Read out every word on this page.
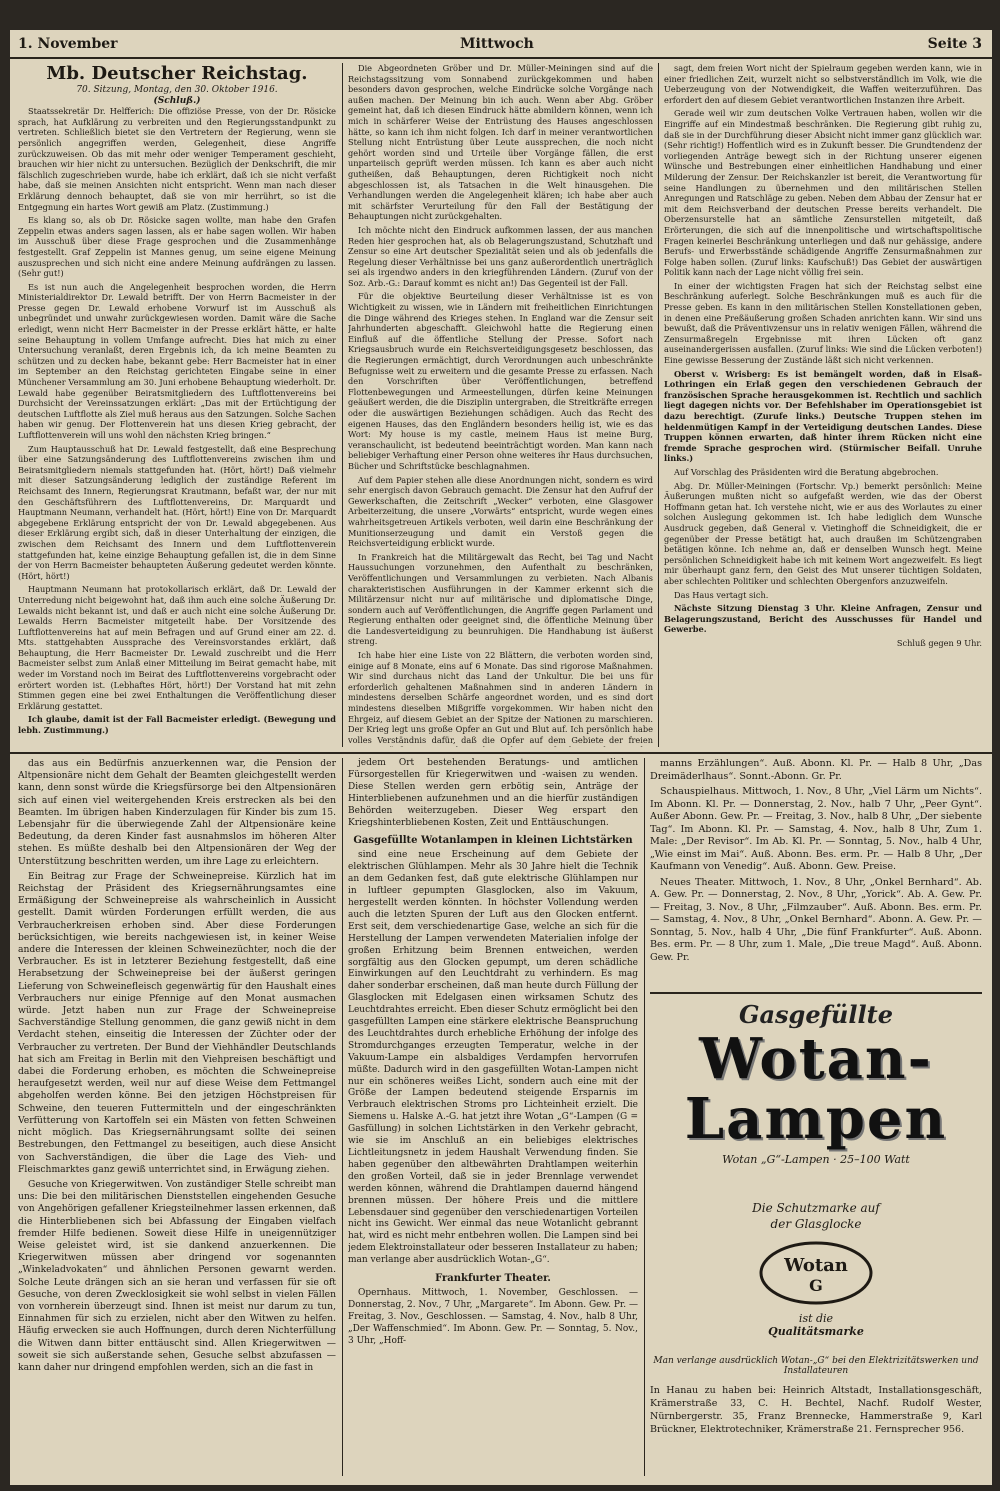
1. November	Mittwoch	Seite 3
Mb. Deutscher Reichstag.
70. Sitzung, Montag, den 30. Oktober 1916.
(Schluß.)

Staatssekretär Dr. Helfferich: Die offiziöse Presse, von der Dr. Rösicke sprach, hat Aufklärung zu verbreiten und den Regierungsstandpunkt zu vertreten. Schließlich bietet sie den Vertretern der Regierung, wenn sie persönlich angegriffen werden, Gelegenheit, diese Angriffe zurückzuweisen. Ob das mit mehr oder weniger Temperament geschieht, brauchen wir hier nicht zu untersuchen. Bezüglich der Denkschrift, die mir fälschlich zugeschrieben wurde, habe ich erklärt, daß ich sie nicht verfaßt habe, daß sie meinen Ansichten nicht entspricht. Wenn man nach dieser Erklärung dennoch behauptet, daß sie von mir herrührt, so ist die Entgegnung ein hartes Wort gewiß am Platz. (Zustimmung.)

Es klang so, als ob Dr. Rösicke sagen wollte, man habe den Grafen Zeppelin etwas anders sagen lassen, als er habe sagen wollen. Wir haben im Ausschuß über diese Frage gesprochen und die Zusammenhänge festgestellt. Graf Zeppelin ist Mannes genug, um seine eigene Meinung auszusprechen und sich nicht eine andere Meinung aufdrängen zu lassen. (Sehr gut!)

Es ist nun auch die Angelegenheit besprochen worden, die Herrn Ministerialdirektor Dr. Lewald betrifft. Der von Herrn Bacmeister in der Presse gegen Dr. Lewald erhobene Vorwurf ist im Ausschuß als unbegründet und unwahr zurückgewiesen worden. Damit wäre die Sache erledigt, wenn nicht Herr Bacmeister in der Presse erklärt hätte, er halte seine Behauptung in vollem Umfange aufrecht. Dies hat mich zu einer Untersuchung veranlaßt, deren Ergebnis ich, da ich meine Beamten zu schützen und zu decken habe, bekannt gebe: Herr Bacmeister hat in einer im September an den Reichstag gerichteten Eingabe seine in einer Münchener Versammlung am 30. Juni erhobene Behauptung wiederholt. Dr. Lewald habe gegenüber Beiratsmitgliedern des Luftflottenvereins bei Durchsicht der Vereinssatzungen erklärt: „Das mit der Ertüchtigung der deutschen Luftflotte als Ziel muß heraus aus den Satzungen. Solche Sachen haben wir genug. Der Flottenverein hat uns diesen Krieg gebracht, der Luftflottenverein will uns wohl den nächsten Krieg bringen.“

Zum Hauptausschuß hat Dr. Lewald festgestellt, daß eine Besprechung über eine Satzungsänderung des Luftflottenvereins zwischen ihm und Beiratsmitgliedern niemals stattgefunden hat. (Hört, hört!) Daß vielmehr mit dieser Satzungsänderung lediglich der zuständige Referent im Reichsamt des Innern, Regierungsrat Krautmann, befaßt war, der nur mit den Geschäftsführern des Luftflottenvereins, Dr. Marquardt und Hauptmann Neumann, verhandelt hat. (Hört, hört!) Eine von Dr. Marquardt abgegebene Erklärung entspricht der von Dr. Lewald abgegebenen. Aus dieser Erklärung ergibt sich, daß in dieser Unterhaltung der einzigen, die zwischen dem Reichsamt des Innern und dem Luftflottenverein stattgefunden hat, keine einzige Behauptung gefallen ist, die in dem Sinne der von Herrn Bacmeister behaupteten Äußerung gedeutet werden könnte. (Hört, hört!)

Hauptmann Neumann hat protokollarisch erklärt, daß Dr. Lewald der Unterredung nicht beigewohnt hat, daß ihm auch eine solche Äußerung Dr. Lewalds nicht bekannt ist, und daß er auch nicht eine solche Äußerung Dr. Lewalds Herrn Bacmeister mitgeteilt habe. Der Vorsitzende des Luftflottenvereins hat auf mein Befragen und auf Grund einer am 22. d. Mts. stattgehabten Aussprache des Vereinsvorstandes erklärt, daß Behauptung, die Herr Bacmeister Dr. Lewald zuschreibt und die Herr Bacmeister selbst zum Anlaß einer Mitteilung im Beirat gemacht habe, mit weder im Vorstand noch im Beirat des Luftflottenvereins vorgebracht oder erörtert worden ist. (Lebhaftes Hört, hört!) Der Vorstand hat mit zehn Stimmen gegen eine bei zwei Enthaltungen die Veröffentlichung dieser Erklärung gestattet.

Ich glaube, damit ist der Fall Bacmeister erledigt. (Bewegung und lebh. Zustimmung.)

Die Abgeordneten Gröber und Dr. Müller-Meiningen sind auf die Reichstagssitzung vom Sonnabend zurückgekommen und haben besonders davon gesprochen, welche Eindrücke solche Vorgänge nach außen machen. Der Meinung bin ich auch. Wenn aber Abg. Gröber gemeint hat, daß ich diesen Eindruck hätte abmildern können, wenn ich mich in schärferer Weise der Entrüstung des Hauses angeschlossen hätte, so kann ich ihm nicht folgen. Ich darf in meiner verantwortlichen Stellung nicht Entrüstung über Leute aussprechen, die noch nicht gehört worden sind und Urteile über Vorgänge fällen, die erst unparteiisch geprüft werden müssen. Ich kann es aber auch nicht gutheißen, daß Behauptungen, deren Richtigkeit noch nicht abgeschlossen ist, als Tatsachen in die Welt hinausgehen. Die Verhandlungen werden die Angelegenheit klären; ich habe aber auch mit schärfster Verurteilung für den Fall der Bestätigung der Behauptungen nicht zurückgehalten.

Ich möchte nicht den Eindruck aufkommen lassen, der aus manchen Reden hier gesprochen hat, als ob Belagerungszustand, Schutzhaft und Zensur so eine Art deutscher Spezialität seien und als ob jedenfalls die Regelung dieser Verhältnisse bei uns ganz außerordentlich unerträglich sei als irgendwo anders in den kriegführenden Ländern. (Zuruf von der Soz. Arb.-G.: Darauf kommt es nicht an!) Das Gegenteil ist der Fall.

Für die objektive Beurteilung dieser Verhältnisse ist es von Wichtigkeit zu wissen, wie in Ländern mit freiheitlichen Einrichtungen die Dinge während des Krieges stehen. In England war die Zensur seit Jahrhunderten abgeschafft. Gleichwohl hatte die Regierung einen Einfluß auf die öffentliche Stellung der Presse. Sofort nach Kriegsausbruch wurde ein Reichsverteidigungsgesetz beschlossen, das die Regierungen ermächtigt, durch Verordnungen auch unbeschränkte Befugnisse weit zu erweitern und die gesamte Presse zu erfassen. Nach den Vorschriften über Veröffentlichungen, betreffend Flottenbewegungen und Armeestellungen, dürfen keine Meinungen geäußert werden, die die Disziplin untergraben, die Streitkräfte erregen oder die auswärtigen Beziehungen schädigen. Auch das Recht des eigenen Hauses, das den Engländern besonders heilig ist, wie es das Wort: My house is my castle, meinem Haus ist meine Burg, veranschaulicht, ist bedeutend beeinträchtigt worden. Man kann nach beliebiger Verhaftung einer Person ohne weiteres ihr Haus durchsuchen, Bücher und Schriftstücke beschlagnahmen.

Auf dem Papier stehen alle diese Anordnungen nicht, sondern es wird sehr energisch davon Gebrauch gemacht. Die Zensur hat den Aufruf der Gewerkschaften, die Zeitschrift „Wecker“ verboten, eine Glasgower Arbeiterzeitung, die unsere „Vorwärts“ entspricht, wurde wegen eines wahrheitsgetreuen Artikels verboten, weil darin eine Beschränkung der Munitionserzeugung und damit ein Verstoß gegen die Reichsverteidigung erblickt wurde.

In Frankreich hat die Militärgewalt das Recht, bei Tag und Nacht Haussuchungen vorzunehmen, den Aufenthalt zu beschränken, Veröffentlichungen und Versammlungen zu verbieten. Nach Albanis charakteristischen Ausführungen in der Kammer erkennt sich die Militärzensur nicht nur auf militärische und diplomatische Dinge, sondern auch auf Veröffentlichungen, die Angriffe gegen Parlament und Regierung enthalten oder geeignet sind, die öffentliche Meinung über die Landesverteidigung zu beunruhigen. Die Handhabung ist äußerst streng.

Ich habe hier eine Liste von 22 Blättern, die verboten worden sind, einige auf 8 Monate, eins auf 6 Monate. Das sind rigorose Maßnahmen. Wir sind durchaus nicht das Land der Unkultur. Die bei uns für erforderlich gehaltenen Maßnahmen sind in anderen Ländern in mindestens derselben Schärfe angeordnet worden, und es sind dort mindestens dieselben Mißgriffe vorgekommen. Wir haben nicht den Ehrgeiz, auf diesem Gebiet an der Spitze der Nationen zu marschieren. Der Krieg legt uns große Opfer an Gut und Blut auf. Ich persönlich habe volles Verständnis dafür, daß die Opfer auf dem Gebiete der freien

sagt, dem freien Wort nicht der Spielraum gegeben werden kann, wie in einer friedlichen Zeit, wurzelt nicht so selbstverständlich im Volk, wie die Ueberzeugung von der Notwendigkeit, die Waffen weiterzuführen. Das erfordert den auf diesem Gebiet verantwortlichen Instanzen ihre Arbeit.

Gerade weil wir zum deutschen Volke Vertrauen haben, wollen wir die Eingriffe auf ein Mindestmaß beschränken. Die Regierung gibt ruhig zu, daß sie in der Durchführung dieser Absicht nicht immer ganz glücklich war. (Sehr richtig!) Hoffentlich wird es in Zukunft besser. Die Grundtendenz der vorliegenden Anträge bewegt sich in der Richtung unserer eigenen Wünsche und Bestrebungen einer einheitlichen Handhabung und einer Milderung der Zensur. Der Reichskanzler ist bereit, die Verantwortung für seine Handlungen zu übernehmen und den militärischen Stellen Anregungen und Ratschläge zu geben. Neben dem Abbau der Zensur hat er mit dem Reichsverband der deutschen Presse bereits verhandelt. Die Oberzensurstelle hat an sämtliche Zensurstellen mitgeteilt, daß Erörterungen, die sich auf die innenpolitische und wirtschaftspolitische Fragen keinerlei Beschränkung unterliegen und daß nur gehässige, andere Berufs- und Erwerbsstände schädigende Angriffe Zensurmaßnahmen zur Folge haben sollen. (Zuruf links: Kaufschuß!) Das Gebiet der auswärtigen Politik kann nach der Lage nicht völlig frei sein.

In einer der wichtigsten Fragen hat sich der Reichstag selbst eine Beschränkung auferlegt. Solche Beschränkungen muß es auch für die Presse geben. Es kann in den militärischen Stellen Konstellationen geben, in denen eine Preßäußerung großen Schaden anrichten kann. Wir sind uns bewußt, daß die Präventivzensur uns in relativ wenigen Fällen, während die Zensurmaßregeln Ergebnisse mit ihren Lücken oft ganz auseinandergerissen ausfallen. (Zuruf links: Wie sind die Lücken verboten!) Eine gewisse Besserung der Zustände läßt sich nicht verkennen.

Oberst v. Wrisberg: Es ist bemängelt worden, daß in Elsaß-Lothringen ein Erlaß gegen den verschiedenen Gebrauch der französischen Sprache herausgekommen ist. Rechtlich und sachlich liegt dagegen nichts vor. Der Befehlshaber im Operationsgebiet ist dazu berechtigt. (Zurufe links.) Deutsche Truppen stehen im heldenmütigen Kampf in der Verteidigung deutschen Landes. Diese Truppen können erwarten, daß hinter ihrem Rücken nicht eine fremde Sprache gesprochen wird. (Stürmischer Beifall. Unruhe links.)

Auf Vorschlag des Präsidenten wird die Beratung abgebrochen.

Abg. Dr. Müller-Meiningen (Fortschr. Vp.) bemerkt persönlich: Meine Äußerungen mußten nicht so aufgefaßt werden, wie das der Oberst Hoffmann getan hat. Ich verstehe nicht, wie er aus des Worlautes zu einer solchen Auslegung gekommen ist. Ich habe lediglich dem Wunsche Ausdruck gegeben, daß General v. Vietinghoff die Schneidigkeit, die er gegenüber der Presse betätigt hat, auch draußen im Schützengraben betätigen könne. Ich nehme an, daß er denselben Wunsch hegt. Meine persönlichen Schneidigkeit habe ich mit keinem Wort angezweifelt. Es liegt mir überhaupt ganz fern, den Geist des Mut unserer tüchtigen Soldaten, aber schlechten Politiker und schlechten Obergenfors anzuzweifeln.

Das Haus vertagt sich.

Nächste Sitzung Dienstag 3 Uhr. Kleine Anfragen, Zensur und Belagerungszustand, Bericht des Ausschusses für Handel und Gewerbe.

Schluß gegen 9 Uhr.

das aus ein Bedürfnis anzuerkennen war, die Pension der Altpensionäre nicht dem Gehalt der Beamten gleichgestellt werden kann, denn sonst würde die Kriegsfürsorge bei den Altpensionären sich auf einen viel weitergehenden Kreis erstrecken als bei den Beamten. Im übrigen haben Kinderzulagen für Kinder bis zum 15. Lebensjahr für die überwiegende Zahl der Altpensionäre keine Bedeutung, da deren Kinder fast ausnahmslos im höheren Alter stehen. Es müßte deshalb bei den Altpensionären der Weg der Unterstützung beschritten werden, um ihre Lage zu erleichtern.

Ein Beitrag zur Frage der Schweinepreise. Kürzlich hat im Reichstag der Präsident des Kriegsernährungsamtes eine Ermäßigung der Schweinepreise als wahrscheinlich in Aussicht gestellt. Damit würden Forderungen erfüllt werden, die aus Verbraucherkreisen erhoben sind. Aber diese Forderungen berücksichtigen, wie bereits nachgewiesen ist, in keiner Weise andere die Interessen der kleinen Schweinezüchter, noch die der Verbraucher. Es ist in letzterer Beziehung festgestellt, daß eine Herabsetzung der Schweinepreise bei der äußerst geringen Lieferung von Schweinefleisch gegenwärtig für den Haushalt eines Verbrauchers nur einige Pfennige auf den Monat ausmachen würde. Jetzt haben nun zur Frage der Schweinepreise Sachverständige Stellung genommen, die ganz gewiß nicht in dem Verdacht stehen, einseitig die Interessen der Züchter oder der Verbraucher zu vertreten. Der Bund der Viehhändler Deutschlands hat sich am Freitag in Berlin mit den Viehpreisen beschäftigt und dabei die Forderung erhoben, es möchten die Schweinepreise heraufgesetzt werden, weil nur auf diese Weise dem Fettmangel abgeholfen werden könne. Bei den jetzigen Höchstpreisen für Schweine, den teueren Futtermitteln und der eingeschränkten Verfütterung von Kartoffeln sei ein Mästen von fetten Schweinen nicht möglich. Das Kriegsernährungsamt sollte dei seinen Bestrebungen, den Fettmangel zu beseitigen, auch diese Ansicht von Sachverständigen, die über die Lage des Vieh- und Fleischmarktes ganz gewiß unterrichtet sind, in Erwägung ziehen.

Gesuche von Kriegerwitwen. Von zuständiger Stelle schreibt man uns: Die bei den militärischen Dienststellen eingehenden Gesuche von Angehörigen gefallener Kriegsteilnehmer lassen erkennen, daß die Hinterbliebenen sich bei Abfassung der Eingaben vielfach fremder Hilfe bedienen. Soweit diese Hilfe in uneigennütziger Weise geleistet wird, ist sie dankend anzuerkennen. Die Kriegerwitwen müssen aber dringend vor sogenannten „Winkeladvokaten“ und ähnlichen Personen gewarnt werden. Solche Leute drängen sich an sie heran und verfassen für sie oft Gesuche, von deren Zwecklosigkeit sie wohl selbst in vielen Fällen von vornherein überzeugt sind. Ihnen ist meist nur darum zu tun, Einnahmen für sich zu erzielen, nicht aber den Witwen zu helfen. Häufig erwecken sie auch Hoffnungen, durch deren Nichterfüllung die Witwen dann bitter enttäuscht sind. Allen Kriegerwitwen — soweit sie sich außerstande sehen, Gesuche selbst abzufassen — kann daher nur dringend empfohlen werden, sich an die fast in

jedem Ort bestehenden Beratungs- und amtlichen Fürsorgestellen für Kriegerwitwen und -waisen zu wenden. Diese Stellen werden gern erbötig sein, Anträge der Hinterbliebenen aufzunehmen und an die hierfür zuständigen Behörden weiterzugeben. Dieser Weg erspart den Kriegshinterbliebenen Kosten, Zeit und Enttäuschungen.

Gasgefüllte Wotanlampen in kleinen Lichtstärken

sind eine neue Erscheinung auf dem Gebiete der elektrischen Glühlampen. Mehr als 30 Jahre hielt die Technik an dem Gedanken fest, daß gute elektrische Glühlampen nur in luftleer gepumpten Glasglocken, also im Vakuum, hergestellt werden könnten. In höchster Vollendung werden auch die letzten Spuren der Luft aus den Glocken entfernt. Erst seit, dem verschiedenartige Gase, welche an sich für die Herstellung der Lampen verwendeten Materialien infolge der großen Erhitzung beim Brennen entweichen, werden sorgfältig aus den Glocken gepumpt, um deren schädliche Einwirkungen auf den Leuchtdraht zu verhindern. Es mag daher sonderbar erscheinen, daß man heute durch Füllung der Glasglocken mit Edelgasen einen wirksamen Schutz des Leuchtdrahtes erreicht. Eben dieser Schutz ermöglicht bei den gasgefüllten Lampen eine stärkere elektrische Beanspruchung des Leuchtdrahtes durch erhebliche Erhöhung der infolge des Stromdurchganges erzeugten Temperatur, welche in der Vakuum-Lampe ein alsbaldiges Verdampfen hervorrufen müßte. Dadurch wird in den gasgefüllten Wotan-Lampen nicht nur ein schöneres weißes Licht, sondern auch eine mit der Größe der Lampen bedeutend steigende Ersparnis im Verbrauch elektrischen Stroms pro Lichteinheit erzielt. Die Siemens u. Halske A.-G. hat jetzt ihre Wotan „G“-Lampen (G = Gasfüllung) in solchen Lichtstärken in den Verkehr gebracht, wie sie im Anschluß an ein beliebiges elektrisches Lichtleitungsnetz in jedem Haushalt Verwendung finden. Sie haben gegenüber den altbewährten Drahtlampen weiterhin den großen Vorteil, daß sie in jeder Brennlage verwendet werden können, während die Drahtlampen dauernd hängend brennen müssen. Der höhere Preis und die mittlere Lebensdauer sind gegenüber den verschiedenartigen Vorteilen nicht ins Gewicht. Wer einmal das neue Wotanlicht gebrannt hat, wird es nicht mehr entbehren wollen. Die Lampen sind bei jedem Elektroinstallateur oder besseren Installateur zu haben; man verlange aber ausdrücklich Wotan-„G“.

Frankfurter Theater.

Opernhaus. Mittwoch, 1. November, Geschlossen. — Donnerstag, 2. Nov., 7 Uhr, „Margarete“. Im Abonn. Gew. Pr. — Freitag, 3. Nov., Geschlossen. — Samstag, 4. Nov., halb 8 Uhr, „Der Waffenschmied“. Im Abonn. Gew. Pr. — Sonntag, 5. Nov., 3 Uhr, „Hoff-

manns Erzählungen“. Auß. Abonn. Kl. Pr. — Halb 8 Uhr, „Das Dreimäderlhaus“. Sonnt.-Abonn. Gr. Pr.

Schauspielhaus. Mittwoch, 1. Nov., 8 Uhr, „Viel Lärm um Nichts“. Im Abonn. Kl. Pr. — Donnerstag, 2. Nov., halb 7 Uhr, „Peer Gynt“. Außer Abonn. Gew. Pr. — Freitag, 3. Nov., halb 8 Uhr, „Der siebente Tag“. Im Abonn. Kl. Pr. — Samstag, 4. Nov., halb 8 Uhr, Zum 1. Male: „Der Revisor“. Im Ab. Kl. Pr. — Sonntag, 5. Nov., halb 4 Uhr, „Wie einst im Mai“. Auß. Abonn. Bes. erm. Pr. — Halb 8 Uhr, „Der Kaufmann von Venedig“. Auß. Abonn. Gew. Preise.

Neues Theater. Mittwoch, 1. Nov., 8 Uhr, „Onkel Bernhard“. Ab. A. Gew. Pr. — Donnerstag, 2. Nov., 8 Uhr, „Yorick“. Ab. A. Gew. Pr. — Freitag, 3. Nov., 8 Uhr, „Filmzauber“. Auß. Abonn. Bes. erm. Pr. — Samstag, 4. Nov., 8 Uhr, „Onkel Bernhard“. Abonn. A. Gew. Pr. — Sonntag, 5. Nov., halb 4 Uhr, „Die fünf Frankfurter“. Auß. Abonn. Bes. erm. Pr. — 8 Uhr, zum 1. Male, „Die treue Magd“. Auß. Abonn. Gew. Pr.

Gasgefüllte
Wotan-
Lampen
Wotan „G“-Lampen · 25–100 Watt
Die Schutzmarke auf
der Glasglocke
Wotan
G
ist die
Qualitätsmarke
Man verlange ausdrücklich Wotan-„G“ bei den Elektrizitätswerken und Installateuren
In Hanau zu haben bei: Heinrich Altstadt, Installationsgeschäft, Krämerstraße 33, C. H. Bechtel, Nachf. Rudolf Wester, Nürnbergerstr. 35, Franz Brennecke, Hammerstraße 9, Karl Brückner, Elektrotechniker, Krämerstraße 21. Fernsprecher 956.
